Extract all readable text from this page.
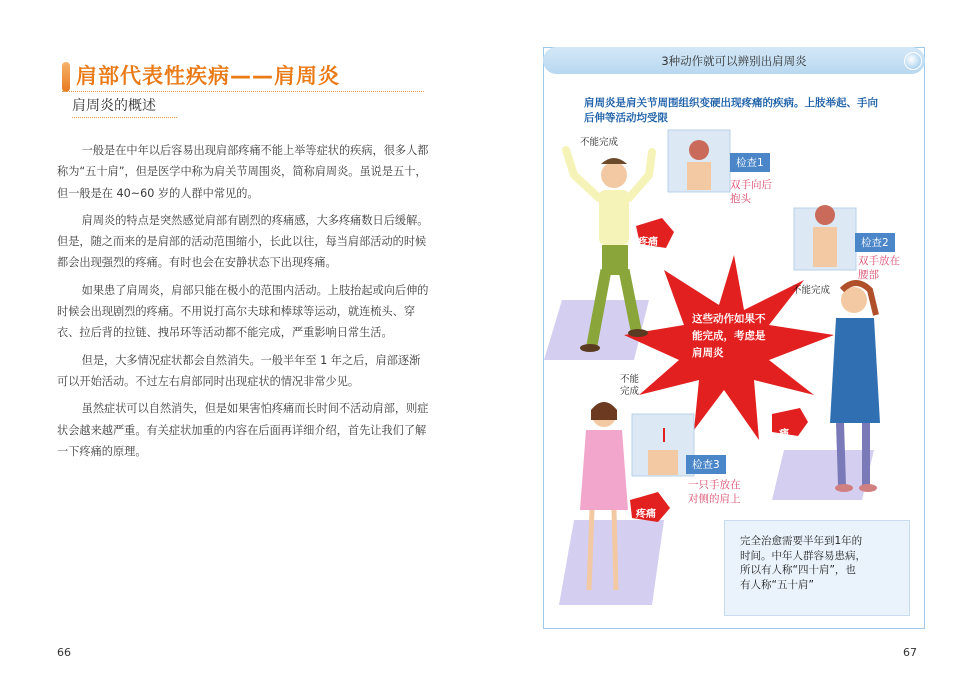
肩部代表性疾病——肩周炎
肩周炎的概述

一般是在中年以后容易出现肩部疼痛不能上举等症状的疾病，很多人都称为“五十肩”，但是医学中称为肩关节周围炎，简称肩周炎。虽说是五十，但一般是在 40~60 岁的人群中常见的。

肩周炎的特点是突然感觉肩部有剧烈的疼痛感，大多疼痛数日后缓解。但是，随之而来的是肩部的活动范围缩小，长此以往，每当肩部活动的时候都会出现强烈的疼痛。有时也会在安静状态下出现疼痛。

如果患了肩周炎，肩部只能在极小的范围内活动。上肢抬起或向后伸的时候会出现剧烈的疼痛。不用说打高尔夫球和棒球等运动，就连梳头、穿衣、拉后背的拉链、拽吊环等活动都不能完成，严重影响日常生活。

但是，大多情况症状都会自然消失。一般半年至 1 年之后，肩部逐渐可以开始活动。不过左右肩部同时出现症状的情况非常少见。

虽然症状可以自然消失，但是如果害怕疼痛而长时间不活动肩部，则症状会越来越严重。有关症状加重的内容在后面再详细介绍，首先让我们了解一下疼痛的原理。

66
3种动作就可以辨别出肩周炎
肩周炎是肩关节周围组织变硬出现疼痛的疾病。上肢举起、手向后伸等活动均受限
检查1
双手向后
抱头
检查2
双手放在
腰部
检查3
一只手放在
对侧的肩上
不能完成
不能完成
不能
完成
疼痛
痛
疼痛
这些动作如果不
能完成，考虑是
肩周炎
完全治愈需要半年到1年的
时间。中年人群容易患病，
所以有人称“四十肩”，也
有人称“五十肩”
67
